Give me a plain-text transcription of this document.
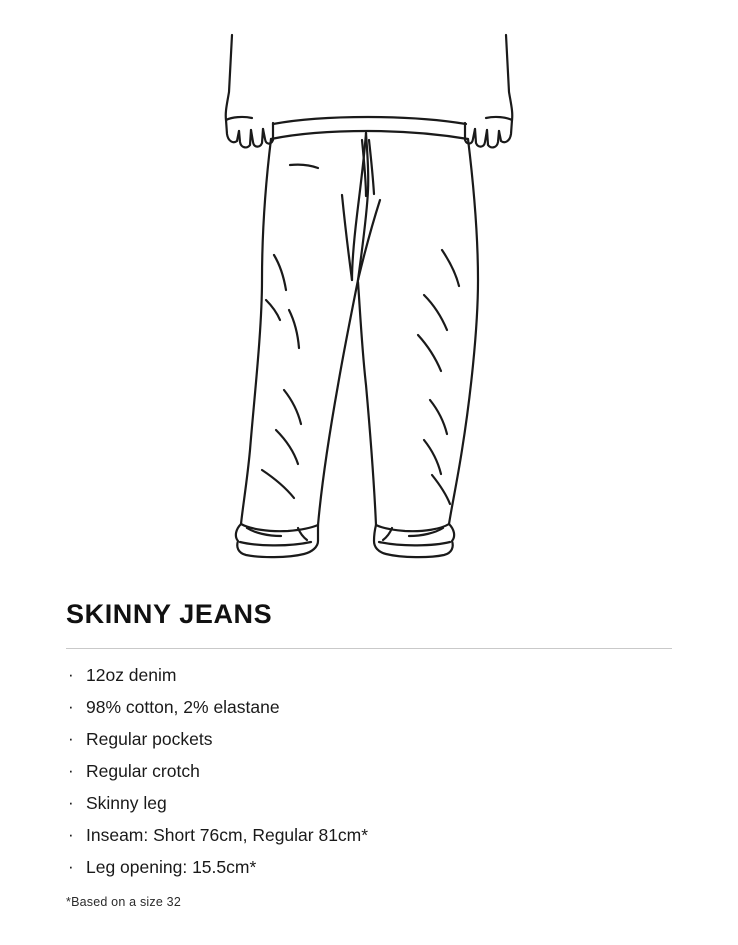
SKINNY JEANS
· 12oz denim
· 98% cotton, 2% elastane
· Regular pockets
· Regular crotch
· Skinny leg
· Inseam: Short 76cm, Regular 81cm*
· Leg opening: 15.5cm*
*Based on a size 32
